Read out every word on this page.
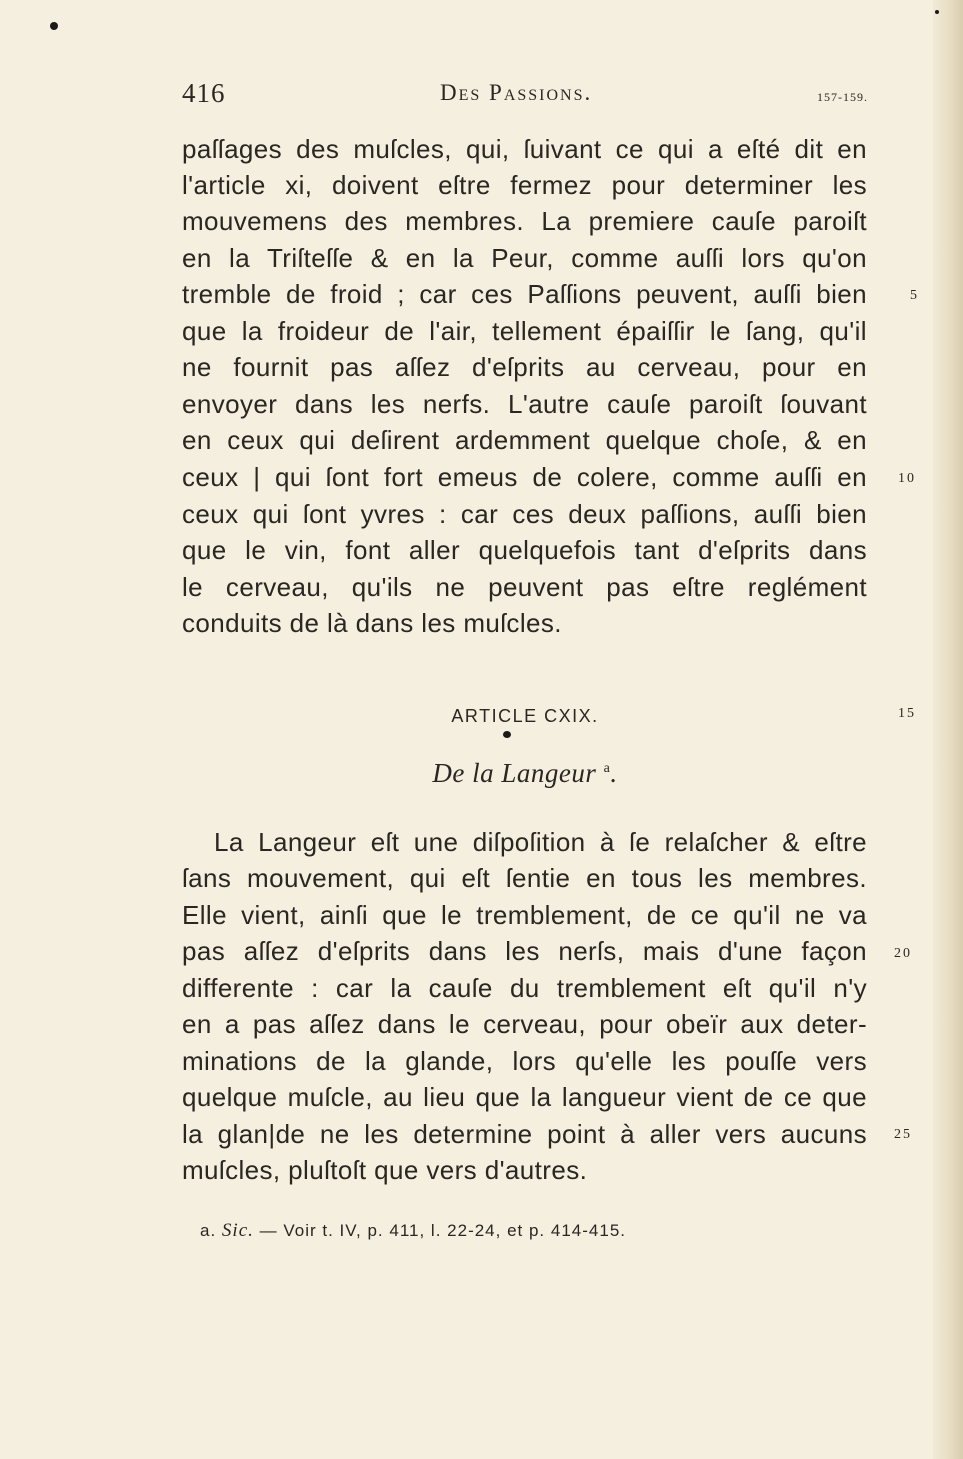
416	Des Passions.	157-159.
paſſages des muſcles, qui, ſuivant ce qui a eſté dit en
l'article xi, doivent eſtre fermez pour determiner les
mouvemens des membres. La premiere cauſe paroiſt
en la Triſteſſe & en la Peur, comme auſſi lors qu'on
tremble de froid ; car ces Paſſions peuvent, auſſi bien
que la froideur de l'air, tellement épaiſſir le ſang, qu'il
ne fournit pas aſſez d'eſprits au cerveau, pour en
envoyer dans les nerfs. L'autre cauſe paroiſt ſouvant
en ceux qui deſirent ardemment quelque choſe, & en
ceux | qui ſont fort emeus de colere, comme auſſi en
ceux qui ſont yvres : car ces deux paſſions, auſſi bien
que le vin, font aller quelquefois tant d'eſprits dans
le cerveau, qu'ils ne peuvent pas eſtre reglément
conduits de là dans les muſcles.
ARTICLE CXIX.
De la Langeur $^a$.
La Langeur eſt une diſpoſition à ſe relaſcher & eſtre
ſans mouvement, qui eſt ſentie en tous les membres.
Elle vient, ainſi que le tremblement, de ce qu'il ne va
pas aſſez d'eſprits dans les nerſs, mais d'une façon
differente : car la cauſe du tremblement eſt qu'il n'y
en a pas aſſez dans le cerveau, pour obeïr aux deter-
minations de la glande, lors qu'elle les pouſſe vers
quelque muſcle, au lieu que la langueur vient de ce que
la glan|de ne les determine point à aller vers aucuns
muſcles, pluſtoſt que vers d'autres.
5
10
15
20
25
a. Sic. — Voir t. IV, p. 411, l. 22-24, et p. 414-415.
